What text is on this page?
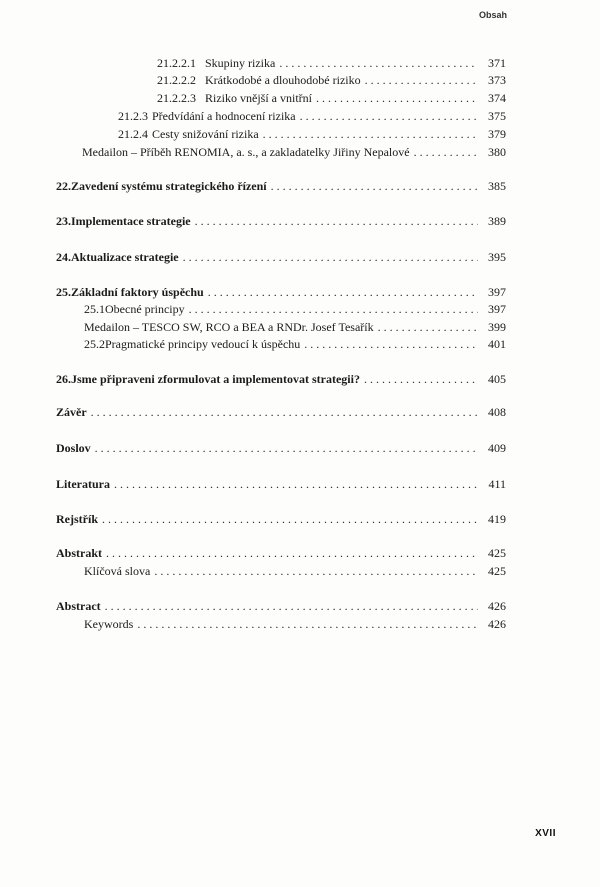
Obsah
21.2.2.1 Skupiny rizika . . .	371
21.2.2.2 Krátkodobé a dlouhodobé riziko . . .	373
21.2.2.3 Riziko vnější a vnitřní . . .	374
21.2.3 Předvídání a hodnocení rizika . . .	375
21.2.4 Cesty snižování rizika . . .	379
Medailon – Příběh RENOMIA, a. s., a zakladatelky Jiřiny Nepalové . . .	380
22. Zavedení systému strategického řízení . . .	385
23. Implementace strategie . . .	389
24. Aktualizace strategie . . .	395
25. Základní faktory úspěchu . . .	397
25.1 Obecné principy . . .	397
Medailon – TESCO SW, RCO a BEA a RNDr. Josef Tesařík . . .	399
25.2 Pragmatické principy vedoucí k úspěchu . . .	401
26. Jsme připraveni zformulovat a implementovat strategii? . . .	405
Závěr . . .	408
Doslov . . .	409
Literatura . . .	411
Rejstřík . . .	419
Abstrakt . . .	425
Klíčová slova . . .	425
Abstract . . .	426
Keywords . . .	426
XVII
